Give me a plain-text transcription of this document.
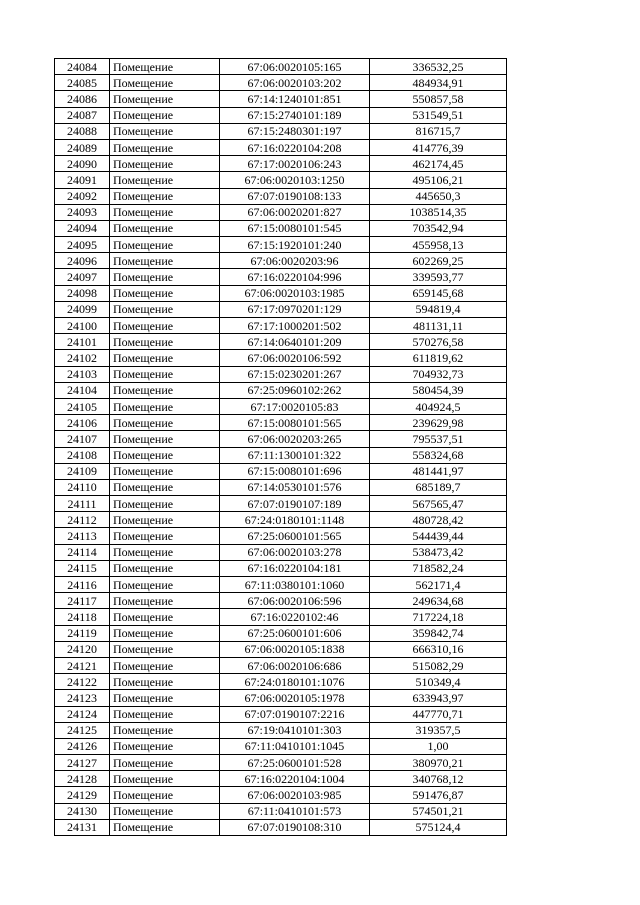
24084	Помещение	67:06:0020105:165	336532,25
24085	Помещение	67:06:0020103:202	484934,91
24086	Помещение	67:14:1240101:851	550857,58
24087	Помещение	67:15:2740101:189	531549,51
24088	Помещение	67:15:2480301:197	816715,7
24089	Помещение	67:16:0220104:208	414776,39
24090	Помещение	67:17:0020106:243	462174,45
24091	Помещение	67:06:0020103:1250	495106,21
24092	Помещение	67:07:0190108:133	445650,3
24093	Помещение	67:06:0020201:827	1038514,35
24094	Помещение	67:15:0080101:545	703542,94
24095	Помещение	67:15:1920101:240	455958,13
24096	Помещение	67:06:0020203:96	602269,25
24097	Помещение	67:16:0220104:996	339593,77
24098	Помещение	67:06:0020103:1985	659145,68
24099	Помещение	67:17:0970201:129	594819,4
24100	Помещение	67:17:1000201:502	481131,11
24101	Помещение	67:14:0640101:209	570276,58
24102	Помещение	67:06:0020106:592	611819,62
24103	Помещение	67:15:0230201:267	704932,73
24104	Помещение	67:25:0960102:262	580454,39
24105	Помещение	67:17:0020105:83	404924,5
24106	Помещение	67:15:0080101:565	239629,98
24107	Помещение	67:06:0020203:265	795537,51
24108	Помещение	67:11:1300101:322	558324,68
24109	Помещение	67:15:0080101:696	481441,97
24110	Помещение	67:14:0530101:576	685189,7
24111	Помещение	67:07:0190107:189	567565,47
24112	Помещение	67:24:0180101:1148	480728,42
24113	Помещение	67:25:0600101:565	544439,44
24114	Помещение	67:06:0020103:278	538473,42
24115	Помещение	67:16:0220104:181	718582,24
24116	Помещение	67:11:0380101:1060	562171,4
24117	Помещение	67:06:0020106:596	249634,68
24118	Помещение	67:16:0220102:46	717224,18
24119	Помещение	67:25:0600101:606	359842,74
24120	Помещение	67:06:0020105:1838	666310,16
24121	Помещение	67:06:0020106:686	515082,29
24122	Помещение	67:24:0180101:1076	510349,4
24123	Помещение	67:06:0020105:1978	633943,97
24124	Помещение	67:07:0190107:2216	447770,71
24125	Помещение	67:19:0410101:303	319357,5
24126	Помещение	67:11:0410101:1045	1,00
24127	Помещение	67:25:0600101:528	380970,21
24128	Помещение	67:16:0220104:1004	340768,12
24129	Помещение	67:06:0020103:985	591476,87
24130	Помещение	67:11:0410101:573	574501,21
24131	Помещение	67:07:0190108:310	575124,4
